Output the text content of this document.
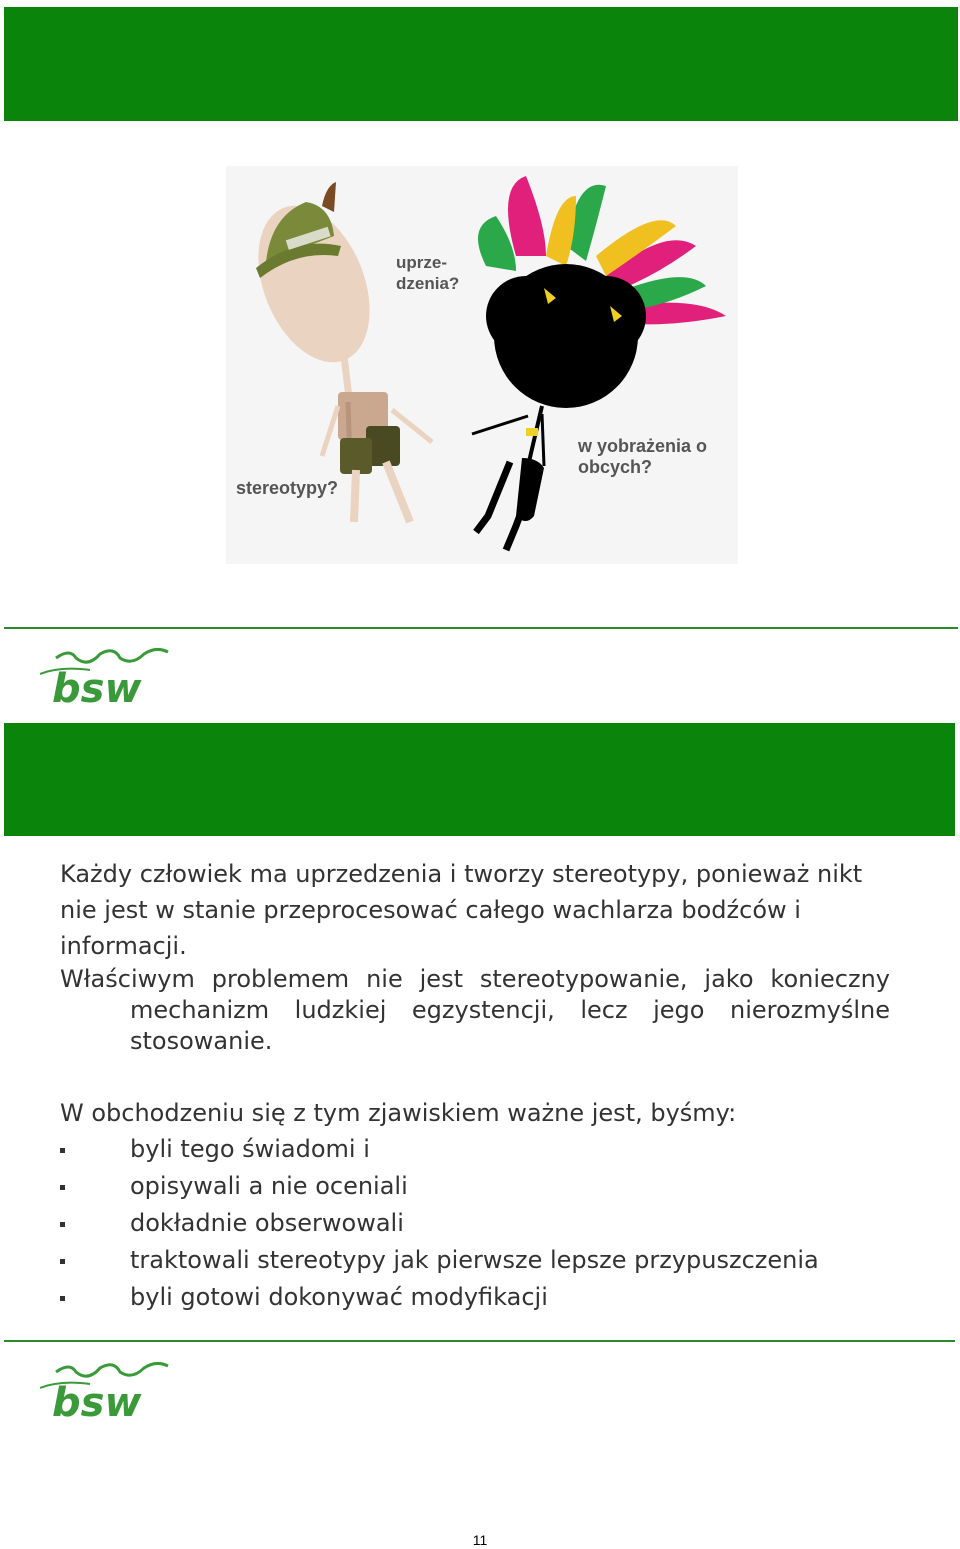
uprze-
dzenia?
stereotypy?
w yobrażenia o
obcych?
bsw

Każdy człowiek ma uprzedzenia i tworzy stereotypy, ponieważ nikt nie jest w stanie przeprocesować całego wachlarza bodźców i informacji.

Właściwym problemem nie jest stereotypowanie, jako konieczny mechanizm ludzkiej egzystencji, lecz jego nierozmyślne stosowanie.

W obchodzeniu się z tym zjawiskiem ważne jest, byśmy:

byli tego świadomi i
opisywali a nie oceniali
dokładnie obserwowali
traktowali stereotypy jak pierwsze lepsze przypuszczenia
byli gotowi dokonywać modyfikacji
bsw
11
